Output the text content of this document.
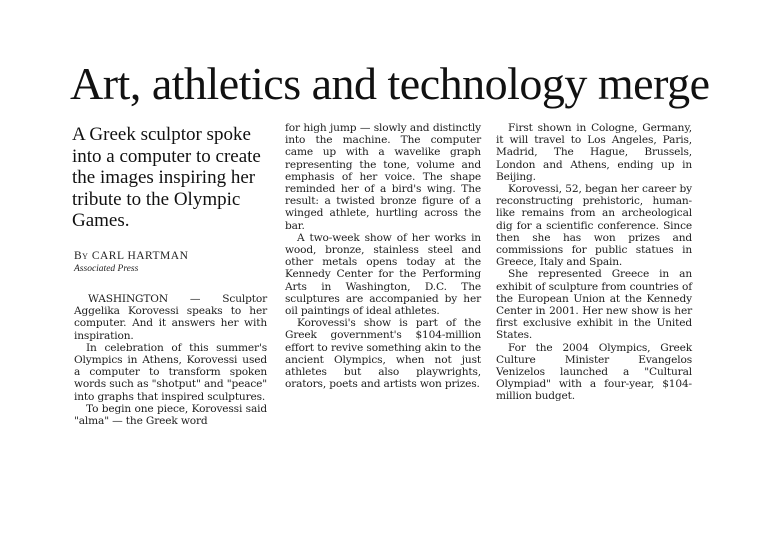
Art, athletics and technology merge
A Greek sculptor spoke into a computer to create the images inspiring her tribute to the Olympic Games.
By CARL HARTMAN
Associated Press

WASHINGTON — Sculptor Aggelika Korovessi speaks to her computer. And it answers her with inspiration.

In celebration of this summer's Olympics in Athens, Korovessi used a computer to transform spoken words such as "shotput" and "peace" into graphs that inspired sculptures.

To begin one piece, Korovessi said "alma" — the Greek word

for high jump — slowly and distinctly into the machine. The computer came up with a wavelike graph representing the tone, volume and emphasis of her voice. The shape reminded her of a bird's wing. The result: a twisted bronze figure of a winged athlete, hurtling across the bar.

A two-week show of her works in wood, bronze, stainless steel and other metals opens today at the Kennedy Center for the Performing Arts in Washington, D.C. The sculptures are accompanied by her oil paintings of ideal athletes.

Korovessi's show is part of the Greek government's $104-million effort to revive something akin to the ancient Olympics, when not just athletes but also playwrights, orators, poets and artists won prizes.

First shown in Cologne, Germany, it will travel to Los Angeles, Paris, Madrid, The Hague, Brussels, London and Athens, ending up in Beijing.

Korovessi, 52, began her career by reconstructing prehistoric, human-like remains from an archeological dig for a scientific conference. Since then she has won prizes and commissions for public statues in Greece, Italy and Spain.

She represented Greece in an exhibit of sculpture from countries of the European Union at the Kennedy Center in 2001. Her new show is her first exclusive exhibit in the United States.

For the 2004 Olympics, Greek Culture Minister Evangelos Venizelos launched a "Cultural Olympiad" with a four-year, $104-million budget.
